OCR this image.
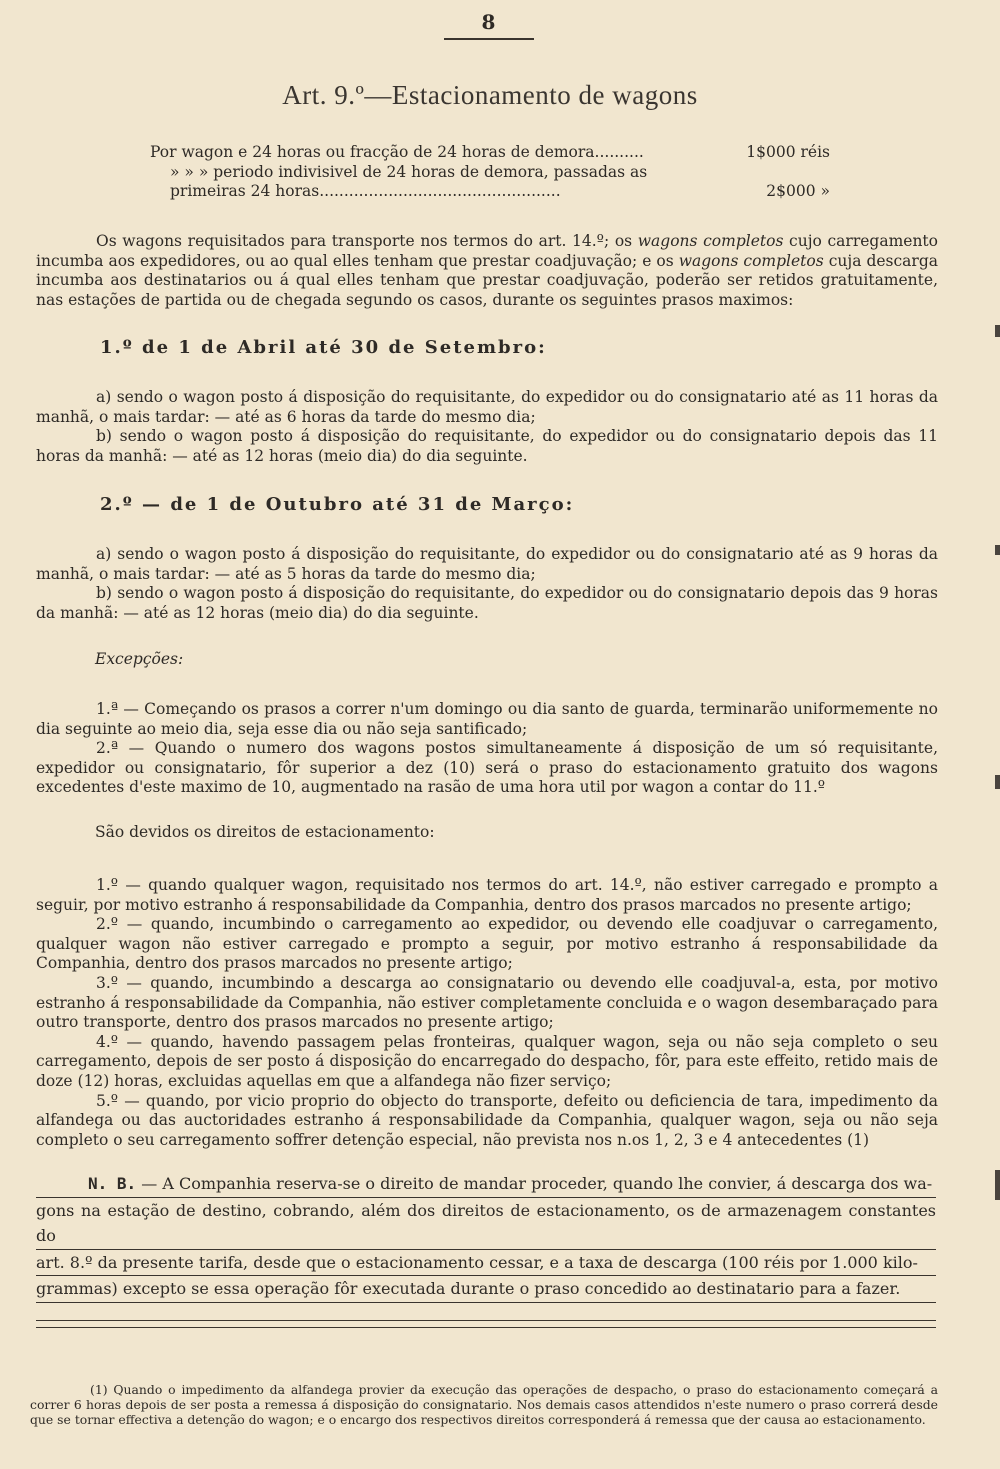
8
Art. 9.º—Estacionamento de wagons
Por wagon e 24 horas ou fracção de 24 horas de demora..........	1$000 réis
» » » periodo indivisivel de 24 horas de demora, passadas as
primeiras 24 horas.................................................	2$000 »

Os wagons requisitados para transporte nos termos do art. 14.º; os wagons completos cujo carregamento incumba aos expedidores, ou ao qual elles tenham que prestar coadjuvação; e os wagons completos cuja descarga incumba aos destinatarios ou á qual elles tenham que prestar coadjuvação, poderão ser retidos gratuitamente, nas estações de partida ou de chegada segundo os casos, durante os seguintes prasos maximos:

1.º de 1 de Abril até 30 de Setembro:

a) sendo o wagon posto á disposição do requisitante, do expedidor ou do consignatario até as 11 horas da manhã, o mais tardar: — até as 6 horas da tarde do mesmo dia;

b) sendo o wagon posto á disposição do requisitante, do expedidor ou do consignatario depois das 11 horas da manhã: — até as 12 horas (meio dia) do dia seguinte.

2.º — de 1 de Outubro até 31 de Março:

a) sendo o wagon posto á disposição do requisitante, do expedidor ou do consignatario até as 9 horas da manhã, o mais tardar: — até as 5 horas da tarde do mesmo dia;

b) sendo o wagon posto á disposição do requisitante, do expedidor ou do consignatario depois das 9 horas da manhã: — até as 12 horas (meio dia) do dia seguinte.

Excepções:

1.ª — Começando os prasos a correr n'um domingo ou dia santo de guarda, terminarão uniformemente no dia seguinte ao meio dia, seja esse dia ou não seja santificado;

2.ª — Quando o numero dos wagons postos simultaneamente á disposição de um só requisitante, expedidor ou consignatario, fôr superior a dez (10) será o praso do estacionamento gratuito dos wagons excedentes d'este maximo de 10, augmentado na rasão de uma hora util por wagon a contar do 11.º

São devidos os direitos de estacionamento:

1.º — quando qualquer wagon, requisitado nos termos do art. 14.º, não estiver carregado e prompto a seguir, por motivo estranho á responsabilidade da Companhia, dentro dos prasos marcados no presente artigo;

2.º — quando, incumbindo o carregamento ao expedidor, ou devendo elle coadjuvar o carregamento, qualquer wagon não estiver carregado e prompto a seguir, por motivo estranho á responsabilidade da Companhia, dentro dos prasos marcados no presente artigo;

3.º — quando, incumbindo a descarga ao consignatario ou devendo elle coadjuval-a, esta, por motivo estranho á responsabilidade da Companhia, não estiver completamente concluida e o wagon desembaraçado para outro transporte, dentro dos prasos marcados no presente artigo;

4.º — quando, havendo passagem pelas fronteiras, qualquer wagon, seja ou não seja completo o seu carregamento, depois de ser posto á disposição do encarregado do despacho, fôr, para este effeito, retido mais de doze (12) horas, excluidas aquellas em que a alfandega não fizer serviço;

5.º — quando, por vicio proprio do objecto do transporte, defeito ou deficiencia de tara, impedimento da alfandega ou das auctoridades estranho á responsabilidade da Companhia, qualquer wagon, seja ou não seja completo o seu carregamento soffrer detenção especial, não prevista nos n.os 1, 2, 3 e 4 antecedentes (1)

N. B. — A Companhia reserva-se o direito de mandar proceder, quando lhe convier, á descarga dos wa-
gons na estação de destino, cobrando, além dos direitos de estacionamento, os de armazenagem constantes do
art. 8.º da presente tarifa, desde que o estacionamento cessar, e a taxa de descarga (100 réis por 1.000 kilo-
grammas) excepto se essa operação fôr executada durante o praso concedido ao destinatario para a fazer.

(1) Quando o impedimento da alfandega provier da execução das operações de despacho, o praso do estacionamento começará a correr 6 horas depois de ser posta a remessa á disposição do consignatario. Nos demais casos attendidos n'este numero o praso correrá desde que se tornar effectiva a detenção do wagon; e o encargo dos respectivos direitos corresponderá á remessa que der causa ao estacionamento.
